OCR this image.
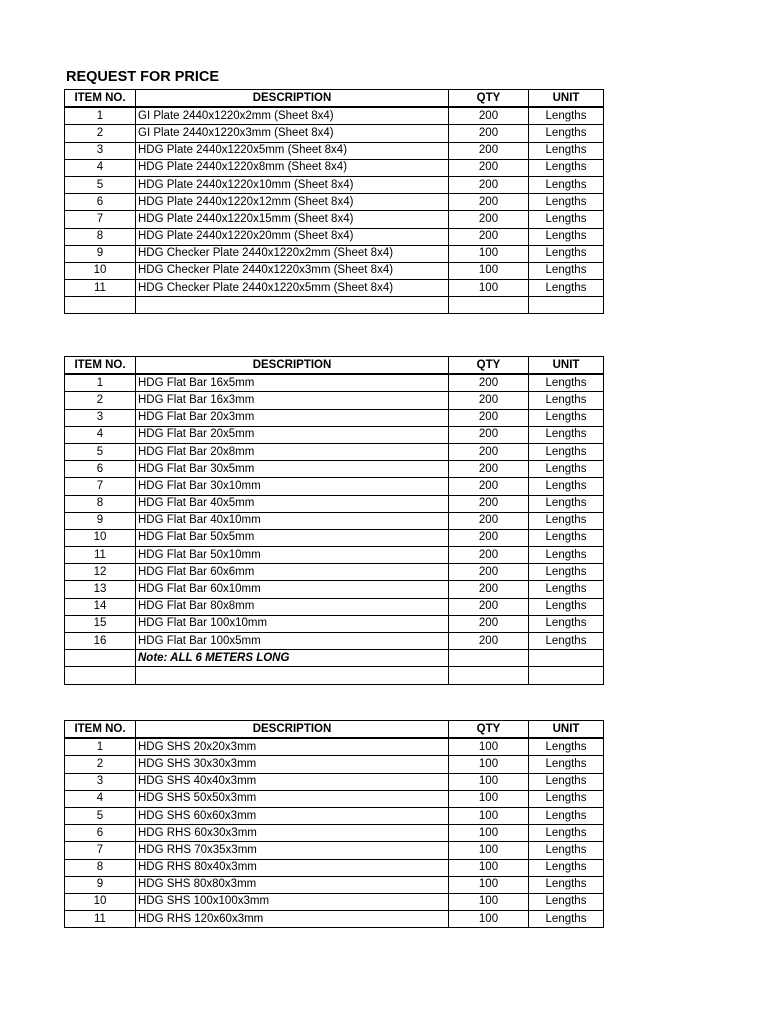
REQUEST FOR PRICE
ITEM NO.	DESCRIPTION	QTY	UNIT
1	GI Plate 2440x1220x2mm (Sheet 8x4)	200	Lengths
2	GI Plate 2440x1220x3mm (Sheet 8x4)	200	Lengths
3	HDG Plate 2440x1220x5mm (Sheet 8x4)	200	Lengths
4	HDG Plate 2440x1220x8mm (Sheet 8x4)	200	Lengths
5	HDG Plate 2440x1220x10mm (Sheet 8x4)	200	Lengths
6	HDG Plate 2440x1220x12mm (Sheet 8x4)	200	Lengths
7	HDG Plate 2440x1220x15mm (Sheet 8x4)	200	Lengths
8	HDG Plate 2440x1220x20mm (Sheet 8x4)	200	Lengths
9	HDG Checker Plate 2440x1220x2mm (Sheet 8x4)	100	Lengths
10	HDG Checker Plate 2440x1220x3mm (Sheet 8x4)	100	Lengths
11	HDG Checker Plate 2440x1220x5mm (Sheet 8x4)	100	Lengths

ITEM NO.	DESCRIPTION	QTY	UNIT
1	HDG Flat Bar 16x5mm	200	Lengths
2	HDG Flat Bar 16x3mm	200	Lengths
3	HDG Flat Bar 20x3mm	200	Lengths
4	HDG Flat Bar 20x5mm	200	Lengths
5	HDG Flat Bar 20x8mm	200	Lengths
6	HDG Flat Bar 30x5mm	200	Lengths
7	HDG Flat Bar 30x10mm	200	Lengths
8	HDG Flat Bar 40x5mm	200	Lengths
9	HDG Flat Bar 40x10mm	200	Lengths
10	HDG Flat Bar 50x5mm	200	Lengths
11	HDG Flat Bar 50x10mm	200	Lengths
12	HDG Flat Bar 60x6mm	200	Lengths
13	HDG Flat Bar 60x10mm	200	Lengths
14	HDG Flat Bar 80x8mm	200	Lengths
15	HDG Flat Bar 100x10mm	200	Lengths
16	HDG Flat Bar 100x5mm	200	Lengths
	Note: ALL 6 METERS LONG		

ITEM NO.	DESCRIPTION	QTY	UNIT
1	HDG SHS 20x20x3mm	100	Lengths
2	HDG SHS 30x30x3mm	100	Lengths
3	HDG SHS 40x40x3mm	100	Lengths
4	HDG SHS 50x50x3mm	100	Lengths
5	HDG SHS 60x60x3mm	100	Lengths
6	HDG RHS 60x30x3mm	100	Lengths
7	HDG RHS 70x35x3mm	100	Lengths
8	HDG RHS 80x40x3mm	100	Lengths
9	HDG SHS 80x80x3mm	100	Lengths
10	HDG SHS 100x100x3mm	100	Lengths
11	HDG RHS 120x60x3mm	100	Lengths
